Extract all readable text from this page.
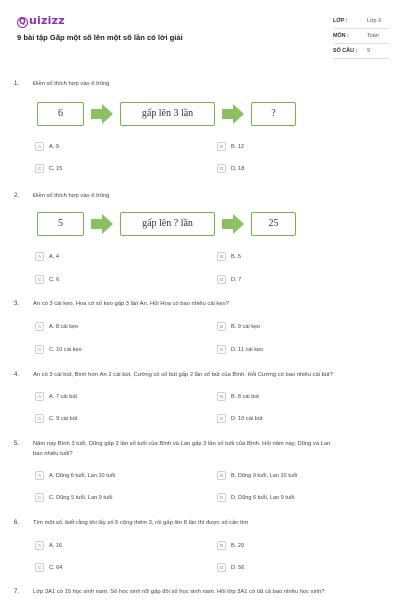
Q uizizz
9 bài tập Gấp một số lên một số lần có lời giải
LỚP :	Lớp 3
MÔN :	Toán
SỐ CÂU : 9
1. Điền số thích hợp vào ô trống
6	gấp lên 3 lần	?
A	A. 9	B	B. 12
C	C. 15	D	D. 18
2. Điền số thích hợp vào ô trống
5	gấp lên ? lần	25
A	A. 4	B	B. 5
C	C. 6	D	D. 7
3. An có 3 cái kẹo, Hoa có số kẹo gấp 3 lần An. Hỏi Hoa có bao nhiêu cái kẹo?
A	A. 8 cái kẹo	B	B. 9 cái kẹo
C	C. 10 cái kẹo	D	D. 11 cái kẹo
4. An có 3 cái bút, Bình hơn An 2 cái bút, Cường có số bút gấp 2 lần số bút của Bình. Hỏi Cường có bao nhiêu cái bút?
A	A. 7 cái bút	B	B. 8 cái bút
C	C. 9 cái bút	D	D. 10 cái bút
5. Năm nay Bình 3 tuổi, Dũng gấp 2 lần số tuổi của Bình và Lan gấp 3 lần số tuổi của Bình. Hỏi năm nay, Dũng và Lan
bao nhiêu tuổi?
A	A. Dũng 6 tuổi, Lan 10 tuổi	B	B. Dũng 9 tuổi, Lan 10 tuổi
C	C. Dũng 5 tuổi, Lan 9 tuổi	D	D. Dũng 6 tuổi, Lan 9 tuổi
6. Tìm một số, biết rằng khi lấy số 5 cộng thêm 3, rồi gấp lên 8 lần thì được số cần tìm
A	A. 16	B	B. 29
C	C. 64	D	D. 56
7. Lớp 3A1 có 15 học sinh nam. Số học sinh nữ gấp đôi số học sinh nam. Hỏi lớp 3A1 có tất cả bao nhiêu học sinh?
